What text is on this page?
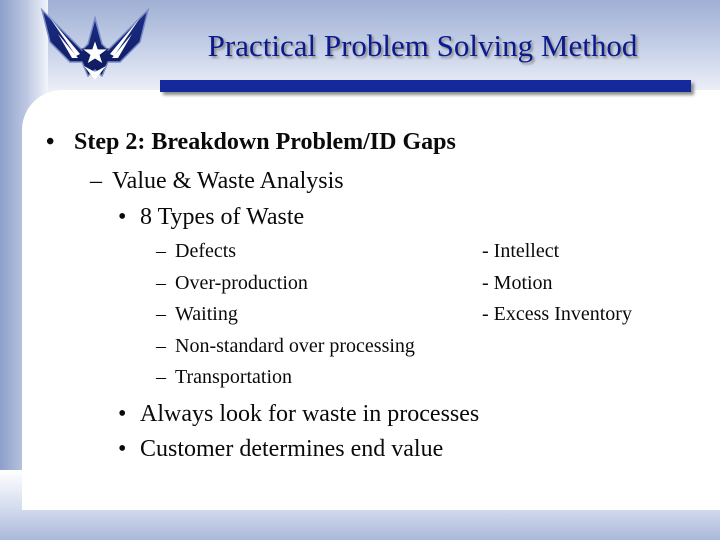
Practical Problem Solving Method
• Step 2: Breakdown Problem/ID Gaps
– Value & Waste Analysis
• 8 Types of Waste
– Defects
– Over-production
– Waiting
– Non-standard over processing
– Transportation
- Intellect
- Motion
- Excess Inventory
• Always look for waste in processes
• Customer determines end value
